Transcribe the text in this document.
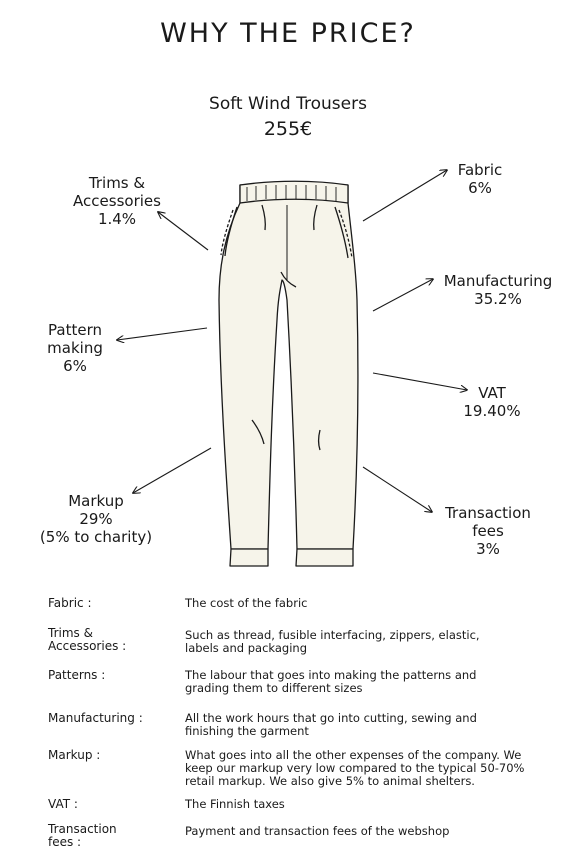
WHY THE PRICE?
Soft Wind Trousers
255€
Trims &
Accessories
1.4%
Pattern
making
6%
Markup
29%
(5% to charity)
Fabric
6%
Manufacturing
35.2%
VAT
19.40%
Transaction
fees
3%
Fabric :	The cost of the fabric
Trims & Accessories :
Such as thread, fusible interfacing, zippers, elastic, labels and packaging
Patterns :	The labour that goes into making the patterns and grading them to different sizes
Manufacturing :	All the work hours that go into cutting, sewing and finishing the garment
Markup :	What goes into all the other expenses of the company. We keep our markup very low compared to the typical 50-70% retail markup. We also give 5% to animal shelters.
VAT :	The Finnish taxes
Transaction fees :
Payment and transaction fees of the webshop
